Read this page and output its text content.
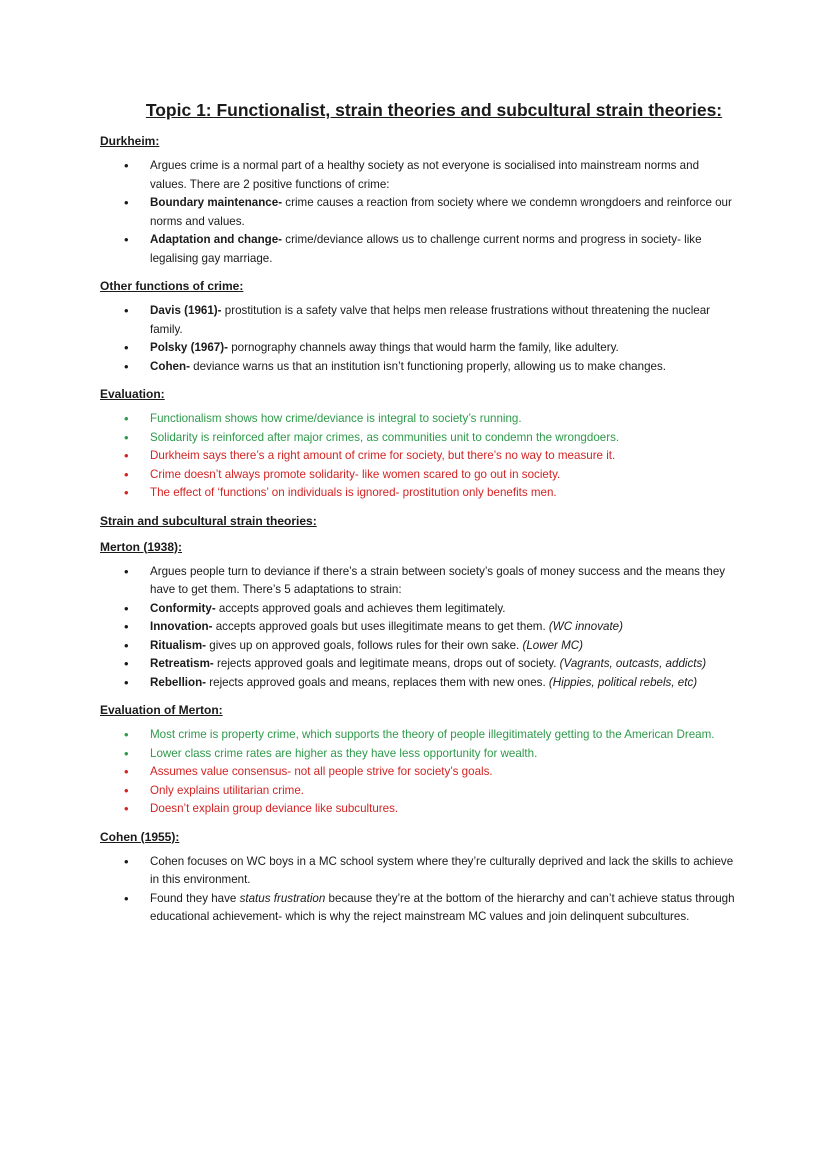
Topic 1: Functionalist, strain theories and subcultural strain theories:

Durkheim:

• Argues crime is a normal part of a healthy society as not everyone is socialised into mainstream norms and values. There are 2 positive functions of crime:
• Boundary maintenance- crime causes a reaction from society where we condemn wrongdoers and reinforce our norms and values.
• Adaptation and change- crime/deviance allows us to challenge current norms and progress in society- like legalising gay marriage.

Other functions of crime:

• Davis (1961)- prostitution is a safety valve that helps men release frustrations without threatening the nuclear family.
• Polsky (1967)- pornography channels away things that would harm the family, like adultery.
• Cohen- deviance warns us that an institution isn’t functioning properly, allowing us to make changes.

Evaluation:

• Functionalism shows how crime/deviance is integral to society’s running.
• Solidarity is reinforced after major crimes, as communities unit to condemn the wrongdoers.
• Durkheim says there’s a right amount of crime for society, but there’s no way to measure it.
• Crime doesn’t always promote solidarity- like women scared to go out in society.
• The effect of ‘functions’ on individuals is ignored- prostitution only benefits men.

Strain and subcultural strain theories:

Merton (1938):

• Argues people turn to deviance if there’s a strain between society’s goals of money success and the means they have to get them. There’s 5 adaptations to strain:
• Conformity- accepts approved goals and achieves them legitimately.
• Innovation- accepts approved goals but uses illegitimate means to get them. (WC innovate)
• Ritualism- gives up on approved goals, follows rules for their own sake. (Lower MC)
• Retreatism- rejects approved goals and legitimate means, drops out of society. (Vagrants, outcasts, addicts)
• Rebellion- rejects approved goals and means, replaces them with new ones. (Hippies, political rebels, etc)

Evaluation of Merton:

• Most crime is property crime, which supports the theory of people illegitimately getting to the American Dream.
• Lower class crime rates are higher as they have less opportunity for wealth.
• Assumes value consensus- not all people strive for society’s goals.
• Only explains utilitarian crime.
• Doesn’t explain group deviance like subcultures.

Cohen (1955):

• Cohen focuses on WC boys in a MC school system where they’re culturally deprived and lack the skills to achieve in this environment.
• Found they have status frustration because they’re at the bottom of the hierarchy and can’t achieve status through educational achievement- which is why the reject mainstream MC values and join delinquent subcultures.
